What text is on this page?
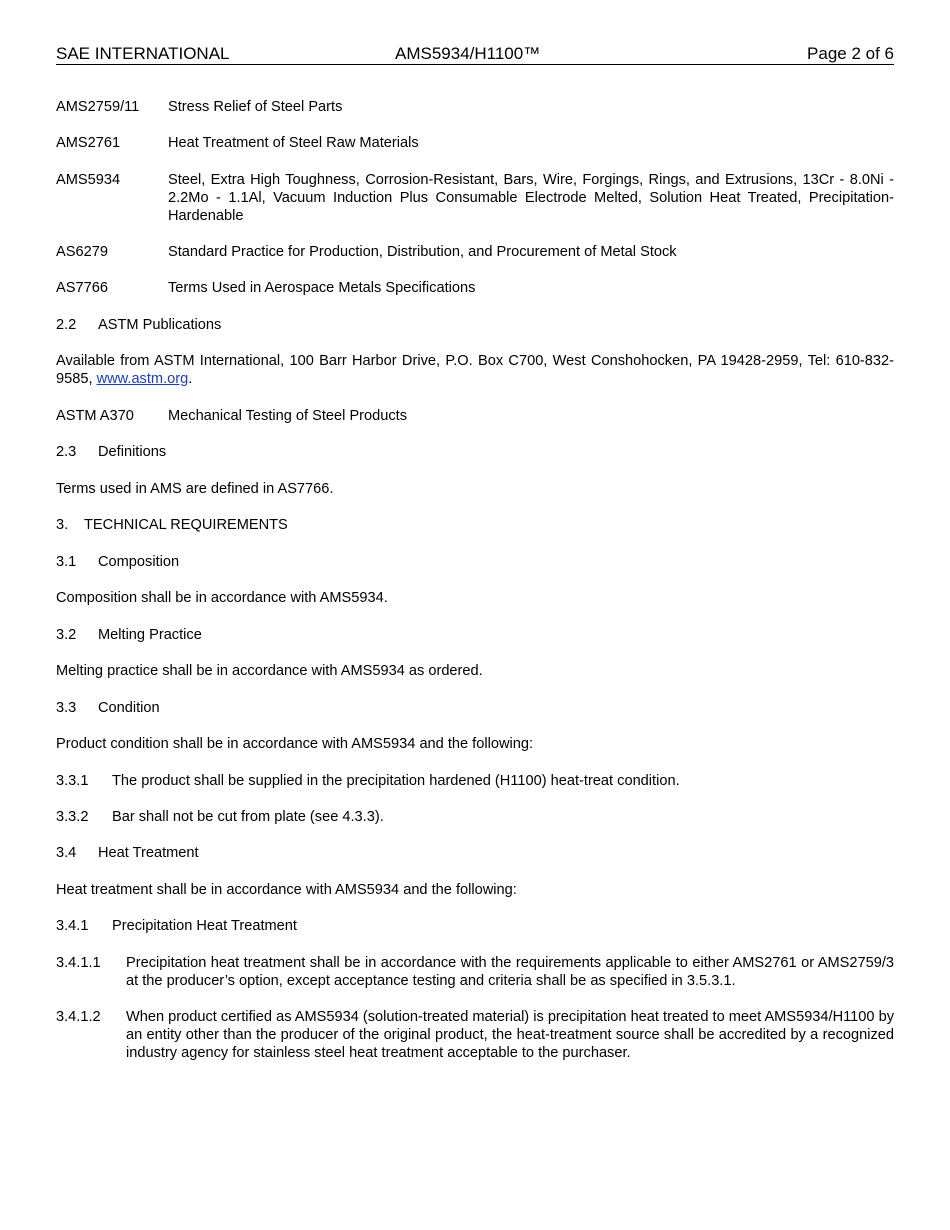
SAE INTERNATIONAL	AMS5934/H1100™	Page 2 of 6
AMS2759/11 Stress Relief of Steel Parts
AMS2761	Heat Treatment of Steel Raw Materials
AMS5934	Steel, Extra High Toughness, Corrosion-Resistant, Bars, Wire, Forgings, Rings, and Extrusions, 13Cr - 8.0Ni - 2.2Mo - 1.1Al, Vacuum Induction Plus Consumable Electrode Melted, Solution Heat Treated, Precipitation-Hardenable
AS6279	Standard Practice for Production, Distribution, and Procurement of Metal Stock
AS7766	Terms Used in Aerospace Metals Specifications
2.2 ASTM Publications
Available from ASTM International, 100 Barr Harbor Drive, P.O. Box C700, West Conshohocken, PA 19428-2959, Tel: 610-832-9585, www.astm.org.
ASTM A370 Mechanical Testing of Steel Products
2.3 Definitions
Terms used in AMS are defined in AS7766.
3. TECHNICAL REQUIREMENTS
3.1 Composition
Composition shall be in accordance with AMS5934.
3.2 Melting Practice
Melting practice shall be in accordance with AMS5934 as ordered.
3.3 Condition
Product condition shall be in accordance with AMS5934 and the following:
3.3.1 The product shall be supplied in the precipitation hardened (H1100) heat-treat condition.
3.3.2 Bar shall not be cut from plate (see 4.3.3).
3.4 Heat Treatment
Heat treatment shall be in accordance with AMS5934 and the following:
3.4.1 Precipitation Heat Treatment
3.4.1.1 Precipitation heat treatment shall be in accordance with the requirements applicable to either AMS2761 or AMS2759/3 at the producer’s option, except acceptance testing and criteria shall be as specified in 3.5.3.1.
3.4.1.2 When product certified as AMS5934 (solution-treated material) is precipitation heat treated to meet AMS5934/H1100 by an entity other than the producer of the original product, the heat-treatment source shall be accredited by a recognized industry agency for stainless steel heat treatment acceptable to the purchaser.
